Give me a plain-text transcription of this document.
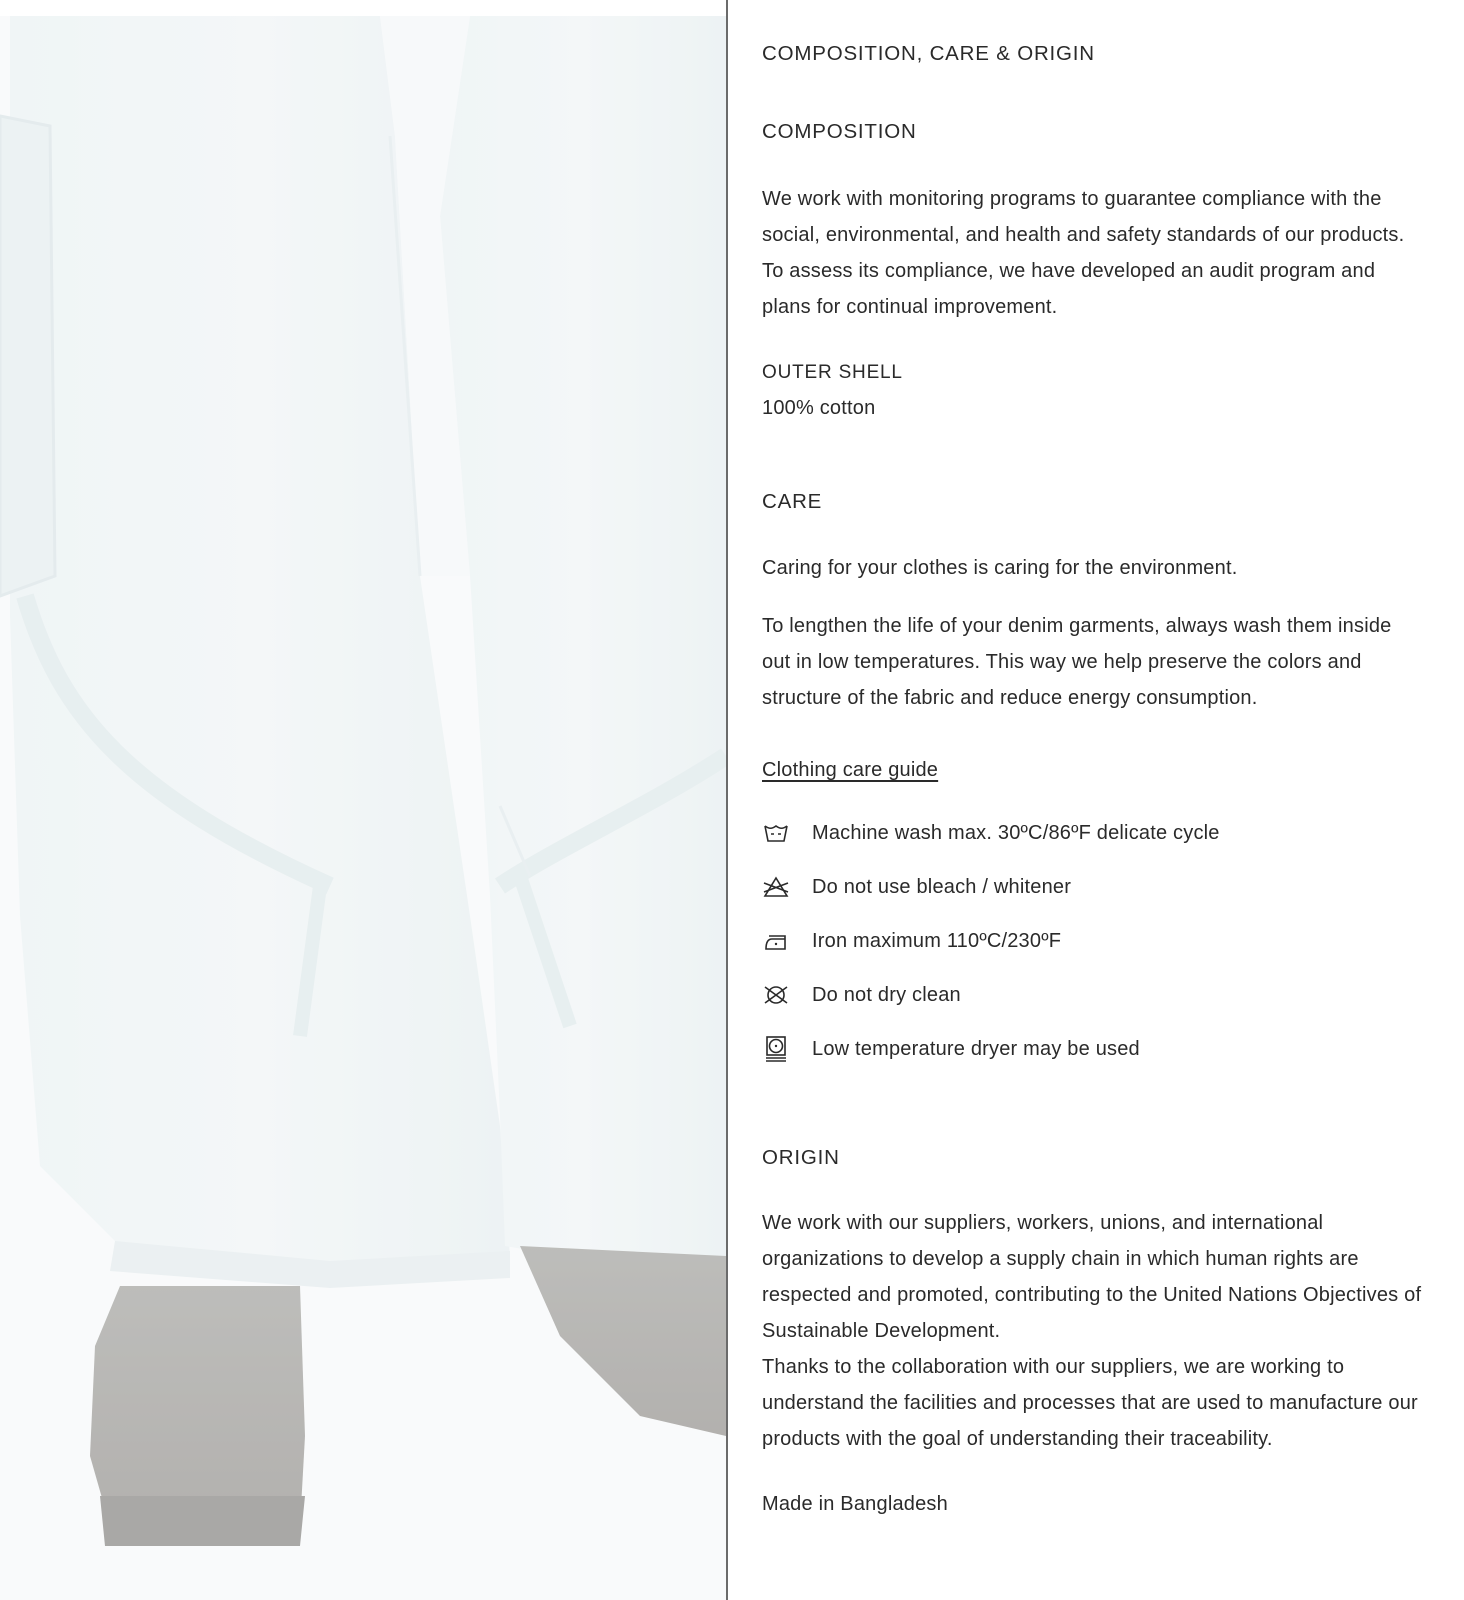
COMPOSITION, CARE & ORIGIN
COMPOSITION

We work with monitoring programs to guarantee compliance with the social, environmental, and health and safety standards of our products. To assess its compliance, we have developed an audit program and plans for continual improvement.

OUTER SHELL

100% cotton

CARE

Caring for your clothes is caring for the environment.

To lengthen the life of your denim garments, always wash them inside out in low temperatures. This way we help preserve the colors and structure of the fabric and reduce energy consumption.

Clothing care guide
Machine wash max. 30ºC/86ºF delicate cycle
Do not use bleach / whitener
Iron maximum 110ºC/230ºF
Do not dry clean
Low temperature dryer may be used
ORIGIN

We work with our suppliers, workers, unions, and international organizations to develop a supply chain in which human rights are respected and promoted, contributing to the United Nations Objectives of Sustainable Development.

Thanks to the collaboration with our suppliers, we are working to understand the facilities and processes that are used to manufacture our products with the goal of understanding their traceability.

Made in Bangladesh
